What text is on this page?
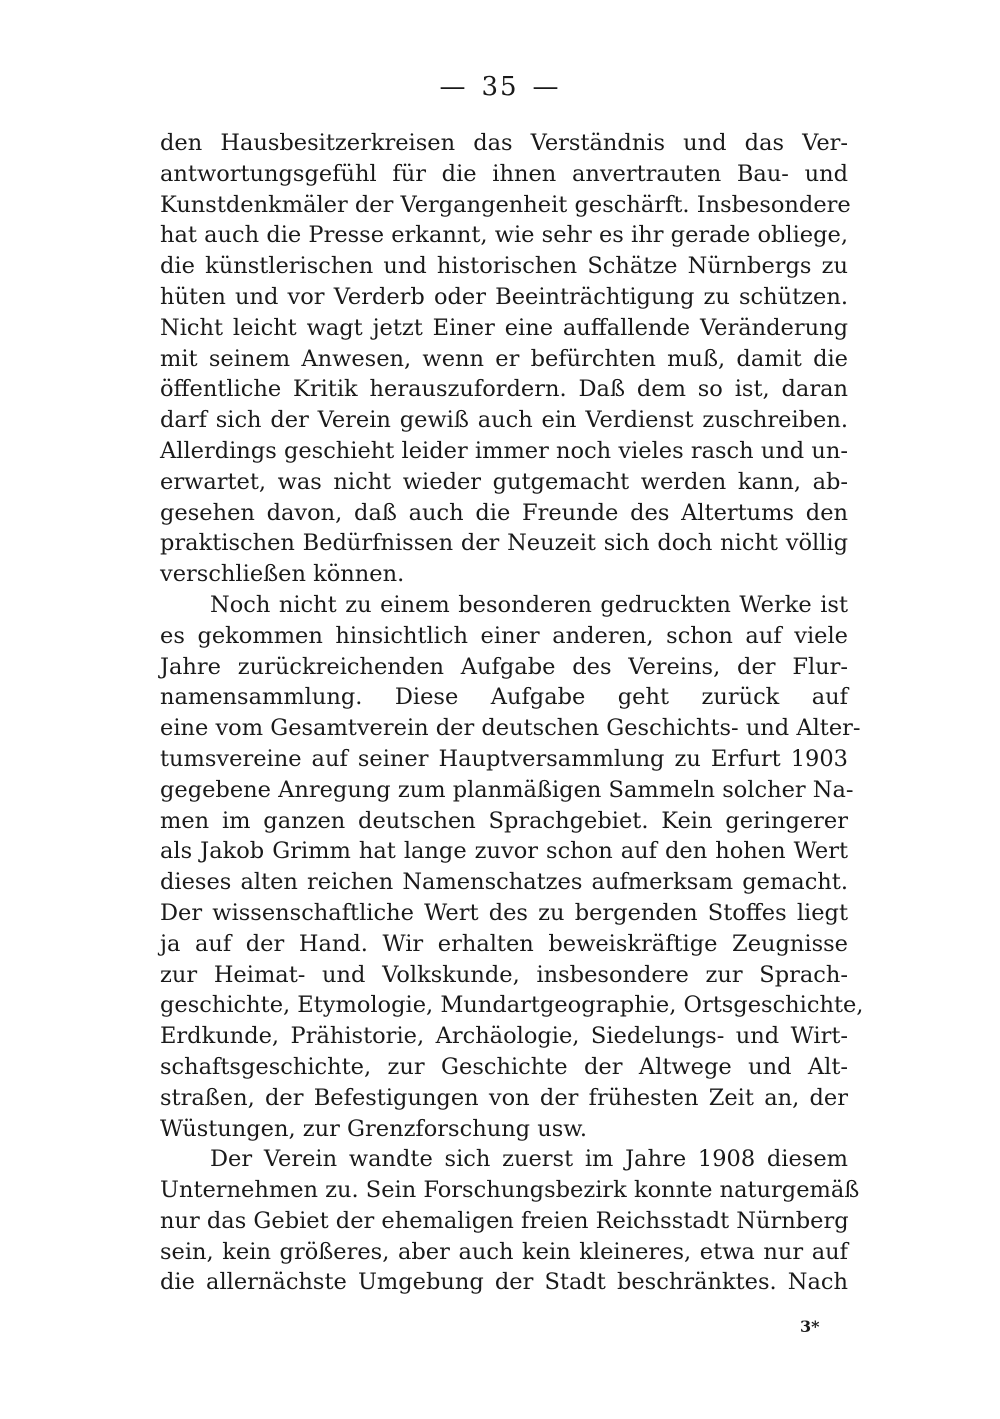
— 35 —
den Hausbesitzerkreisen das Verständnis und das Ver-
antwortungsgefühl für die ihnen anvertrauten Bau- und
Kunstdenkmäler der Vergangenheit geschärft. Insbesondere
hat auch die Presse erkannt, wie sehr es ihr gerade obliege,
die künstlerischen und historischen Schätze Nürnbergs zu
hüten und vor Verderb oder Beeinträchtigung zu schützen.
Nicht leicht wagt jetzt Einer eine auffallende Veränderung
mit seinem Anwesen, wenn er befürchten muß, damit die
öffentliche Kritik herauszufordern. Daß dem so ist, daran
darf sich der Verein gewiß auch ein Verdienst zuschreiben.
Allerdings geschieht leider immer noch vieles rasch und un-
erwartet, was nicht wieder gutgemacht werden kann, ab-
gesehen davon, daß auch die Freunde des Altertums den
praktischen Bedürfnissen der Neuzeit sich doch nicht völlig
verschließen können.
Noch nicht zu einem besonderen gedruckten Werke ist
es gekommen hinsichtlich einer anderen, schon auf viele
Jahre zurückreichenden Aufgabe des Vereins, der Flur-
namensammlung. Diese Aufgabe geht zurück auf
eine vom Gesamtverein der deutschen Geschichts- und Alter-
tumsvereine auf seiner Hauptversammlung zu Erfurt 1903
gegebene Anregung zum planmäßigen Sammeln solcher Na-
men im ganzen deutschen Sprachgebiet. Kein geringerer
als Jakob Grimm hat lange zuvor schon auf den hohen Wert
dieses alten reichen Namenschatzes aufmerksam gemacht.
Der wissenschaftliche Wert des zu bergenden Stoffes liegt
ja auf der Hand. Wir erhalten beweiskräftige Zeugnisse
zur Heimat- und Volkskunde, insbesondere zur Sprach-
geschichte, Etymologie, Mundartgeographie, Ortsgeschichte,
Erdkunde, Prähistorie, Archäologie, Siedelungs- und Wirt-
schaftsgeschichte, zur Geschichte der Altwege und Alt-
straßen, der Befestigungen von der frühesten Zeit an, der
Wüstungen, zur Grenzforschung usw.
Der Verein wandte sich zuerst im Jahre 1908 diesem
Unternehmen zu. Sein Forschungsbezirk konnte naturgemäß
nur das Gebiet der ehemaligen freien Reichsstadt Nürnberg
sein, kein größeres, aber auch kein kleineres, etwa nur auf
die allernächste Umgebung der Stadt beschränktes. Nach
3*
